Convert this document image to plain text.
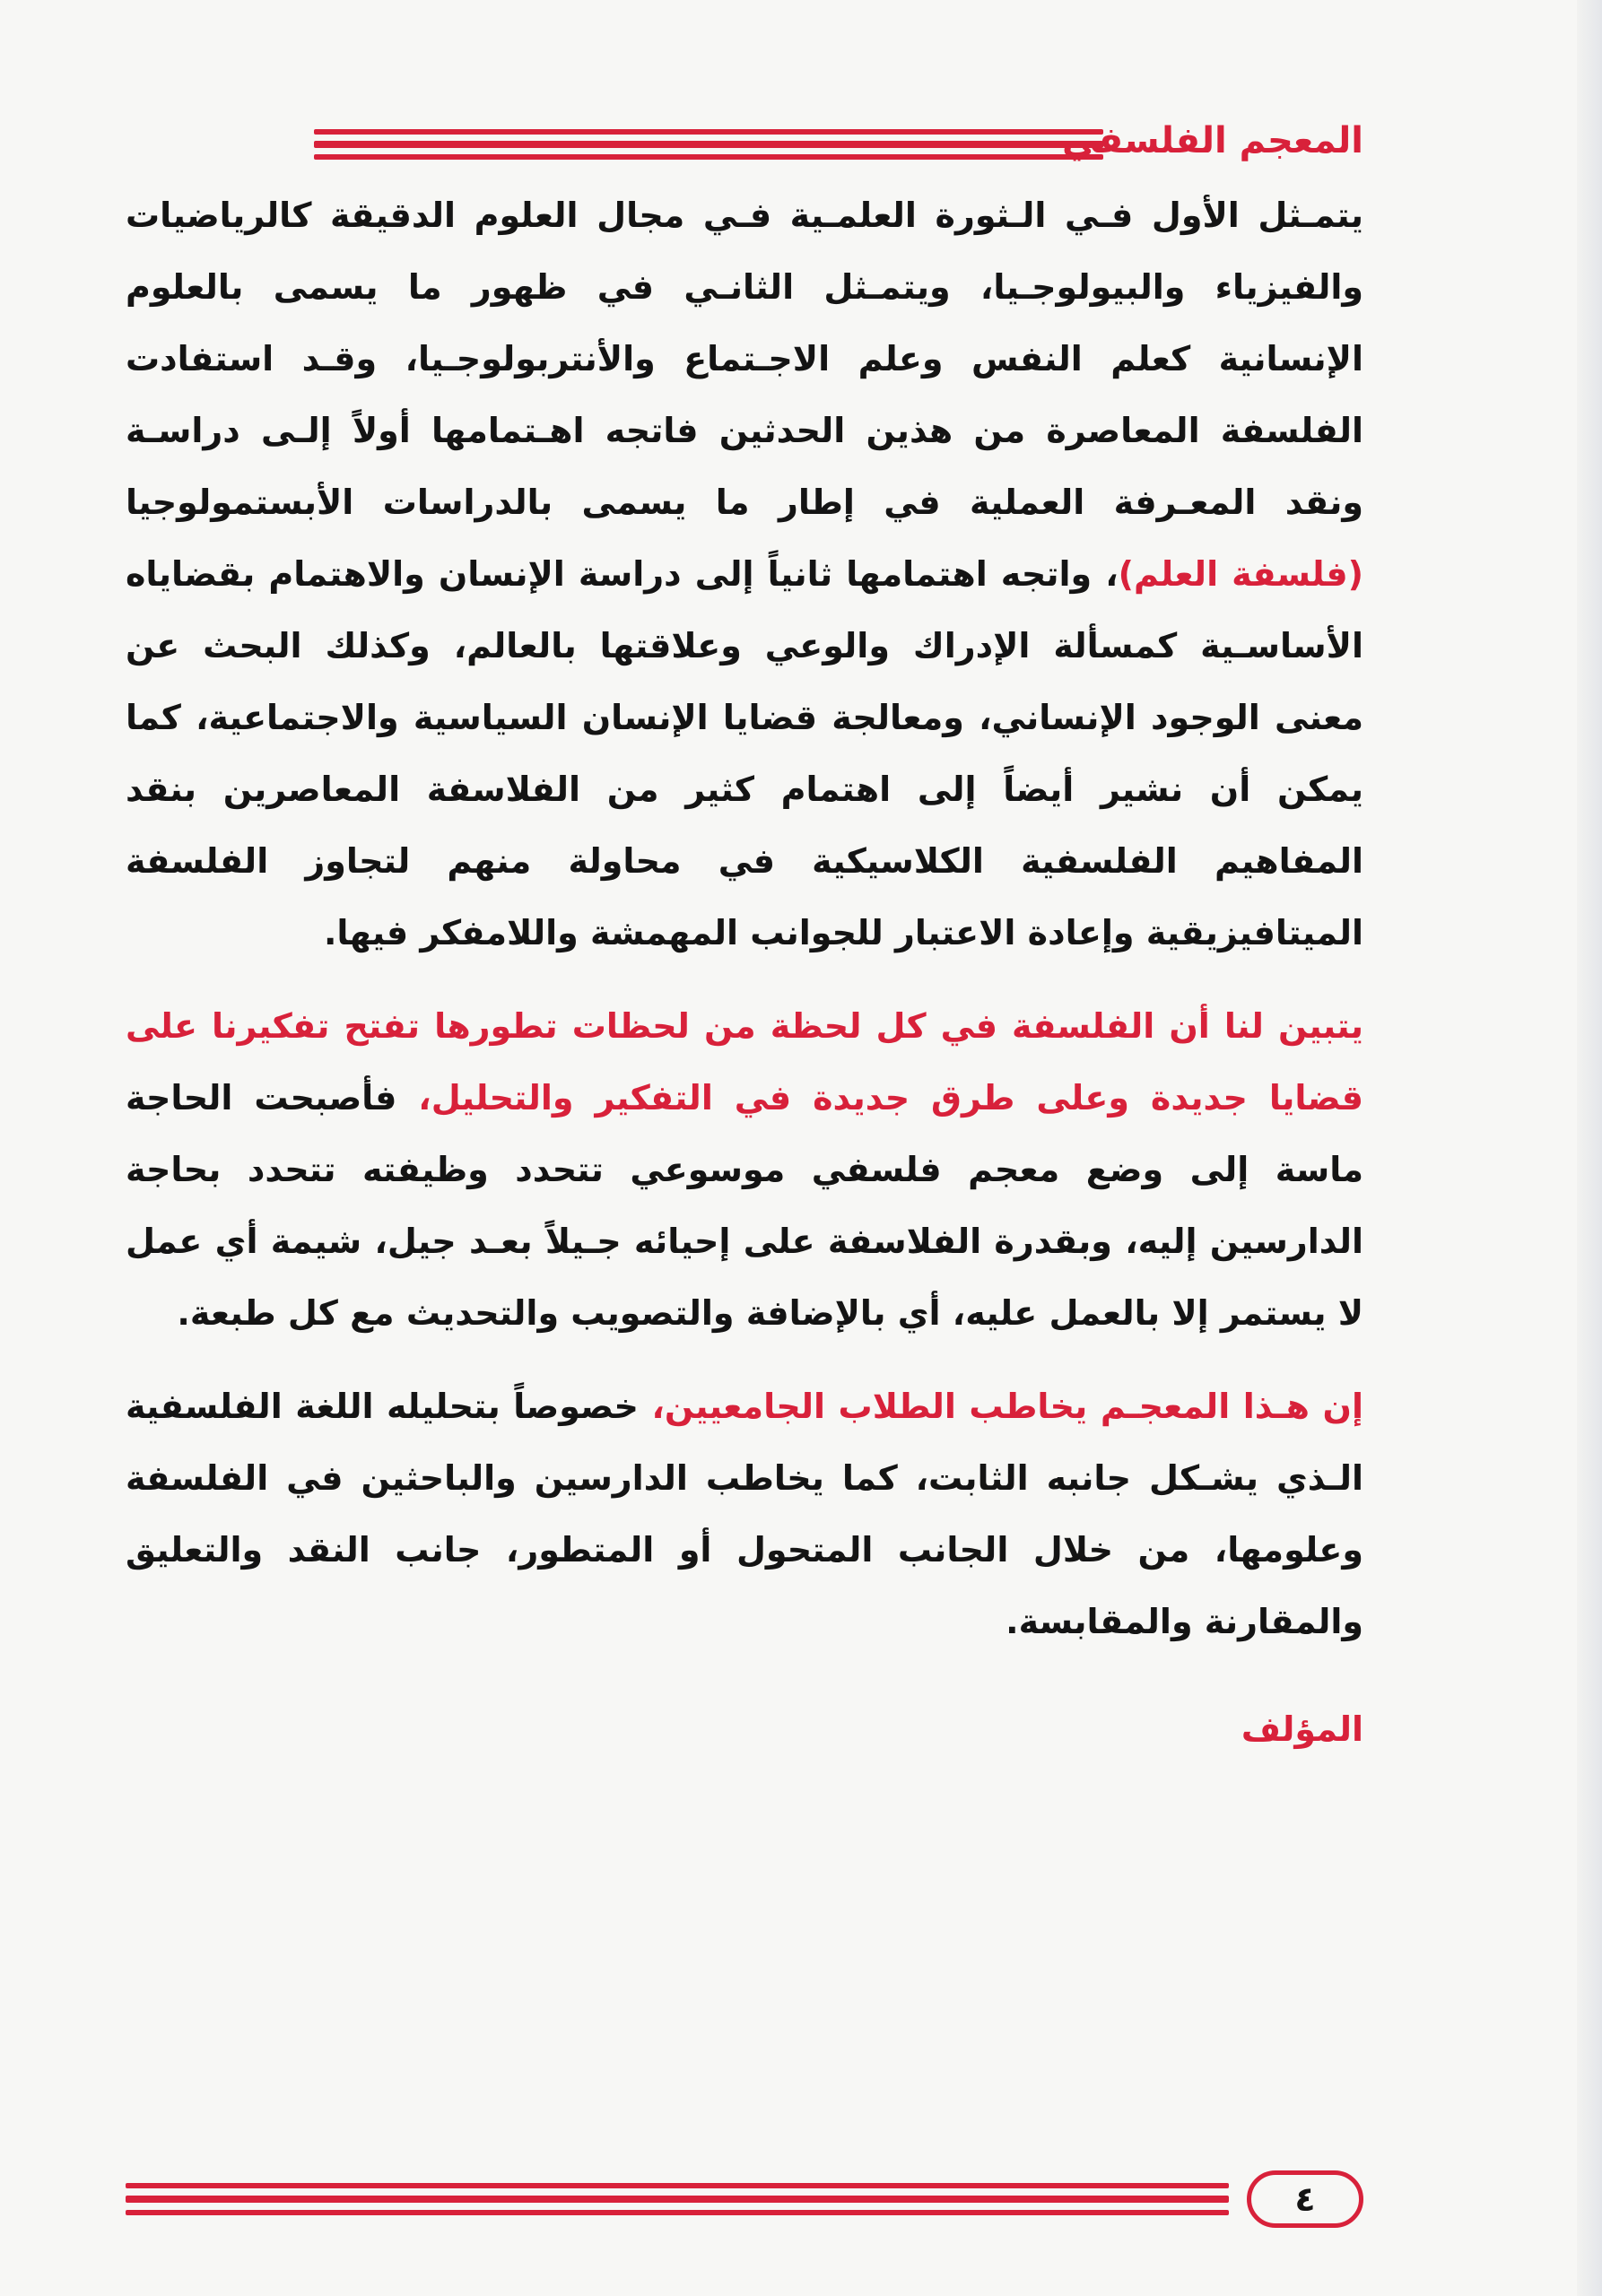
المعجم الفلسفي

يتمـثل الأول فـي الـثورة العلمـية فـي مجال العلوم الدقيقة كالرياضيات والفيزياء والبيولوجـيا، ويتمـثل الثانـي في ظهور ما يسمى بالعلوم الإنسانية كعلم النفس وعلم الاجـتماع والأنتربولوجـيا، وقـد استفادت الفلسفة المعاصرة من هذين الحدثين فاتجه اهـتمامها أولاً إلـى دراسـة ونقد المعـرفة العملية في إطار ما يسمى بالدراسات الأبستمولوجيا (فلسفة العلم)، واتجه اهتمامها ثانياً إلى دراسة الإنسان والاهتمام بقضاياه الأساسـية كمسألة الإدراك والوعي وعلاقتها بالعالم، وكذلك البحث عن معنى الوجود الإنساني، ومعالجة قضايا الإنسان السياسية والاجتماعية، كما يمكن أن نشير أيضاً إلى اهتمام كثير من الفلاسفة المعاصرين بنقد المفاهيم الفلسفية الكلاسيكية في محاولة منهم لتجاوز الفلسفة الميتافيزيقية وإعادة الاعتبار للجوانب المهمشة واللامفكر فيها.

يتبين لنا أن الفلسفة في كل لحظة من لحظات تطورها تفتح تفكيرنا على قضايا جديدة وعلى طرق جديدة في التفكير والتحليل، فأصبحت الحاجة ماسة إلى وضع معجم فلسفي موسوعي تتحدد وظيفته تتحدد بحاجة الدارسين إليه، وبقدرة الفلاسفة على إحيائه جـيلاً بعـد جيل، شيمة أي عمل لا يستمر إلا بالعمل عليه، أي بالإضافة والتصويب والتحديث مع كل طبعة.

إن هـذا المعجـم يخاطب الطلاب الجامعيين، خصوصاً بتحليله اللغة الفلسفية الـذي يشـكل جانبه الثابت، كما يخاطب الدارسين والباحثين في الفلسفة وعلومها، من خلال الجانب المتحول أو المتطور، جانب النقد والتعليق والمقارنة والمقابسة.

المؤلف
٤
